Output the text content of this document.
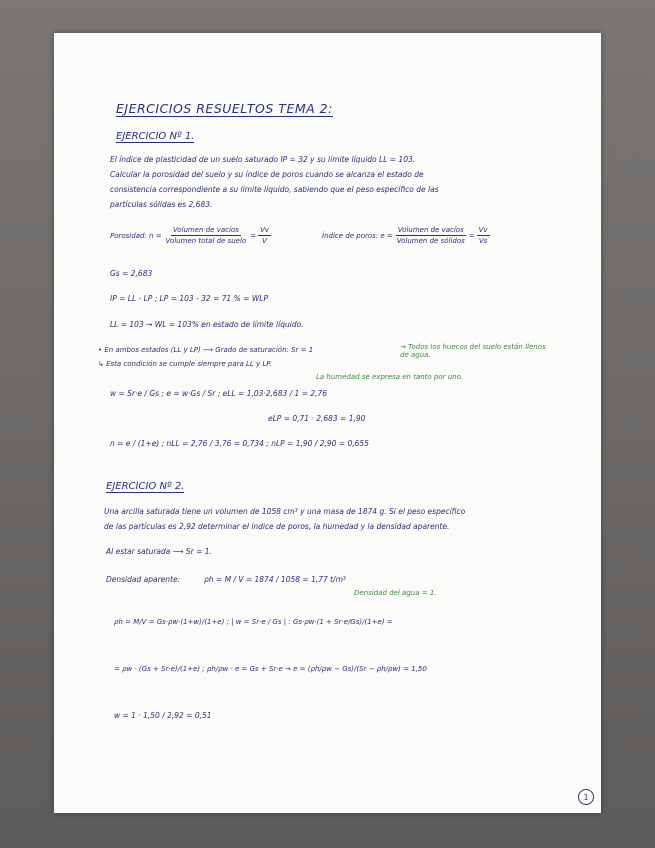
EJERCICIOS RESUELTOS TEMA 2:
EJERCICIO Nº 1.
El índice de plasticidad de un suelo saturado IP = 32 y su límite líquido LL = 103.
Calcular la porosidad del suelo y su índice de poros cuando se alcanza el estado de
consistencia correspondiente a su límite líquido, sabiendo que el peso específico de las
partículas sólidas es 2,683.
Porosidad: $n = \frac{\text{Volumen de vacíos}}{\text{Volumen total de suelo}} = \frac{Vv}{V}$	Índice de poros: $e = \frac{\text{Volumen de vacíos}}{\text{Volumen de sólidos}} = \frac{Vv}{Vs}$
Gs = 2,683
IP = LL - LP ; LP = 103 - 32 = 71 % = WLP
LL = 103 → WL = 103% en estado de límite líquido.
• En ambos estados (LL y LP) ⟶ Grado de saturación: Sr = 1	→ Todos los huecos del suelo están llenos de agua.
↳ Esta condición se cumple siempre para LL y LP.
La humedad se expresa en tanto por uno.
w = Sr·e / Gs ; e = w·Gs / Sr ; eLL = 1,03·2,683 / 1 = 2,76
eLP = 0,71 · 2,683 = 1,90
n = e / (1+e) ; nLL = 2,76 / 3,76 = 0,734 ; nLP = 1,90 / 2,90 = 0,655
EJERCICIO Nº 2.
Una arcilla saturada tiene un volumen de 1058 cm³ y una masa de 1874 g. Si el peso específico
de las partículas es 2,92 determinar el índice de poros, la humedad y la densidad aparente.
Al estar saturada ⟶ Sr = 1.
Densidad aparente:	ρh = M / V = 1874 / 1058 = 1,77 t/m³
Densidad del agua = 1.
ρh = M/V = Gs·ρw·(1+w)/(1+e) ; | w = Sr·e / Gs | : Gs·ρw·(1 + Sr·e/Gs)/(1+e) =
= ρw · (Gs + Sr·e)/(1+e) ; ρh/ρw · e = Gs + Sr·e → e = (ρh/ρw − Gs)/(Sr − ρh/ρw) = 1,50
w = 1 · 1,50 / 2,92 = 0,51
1
